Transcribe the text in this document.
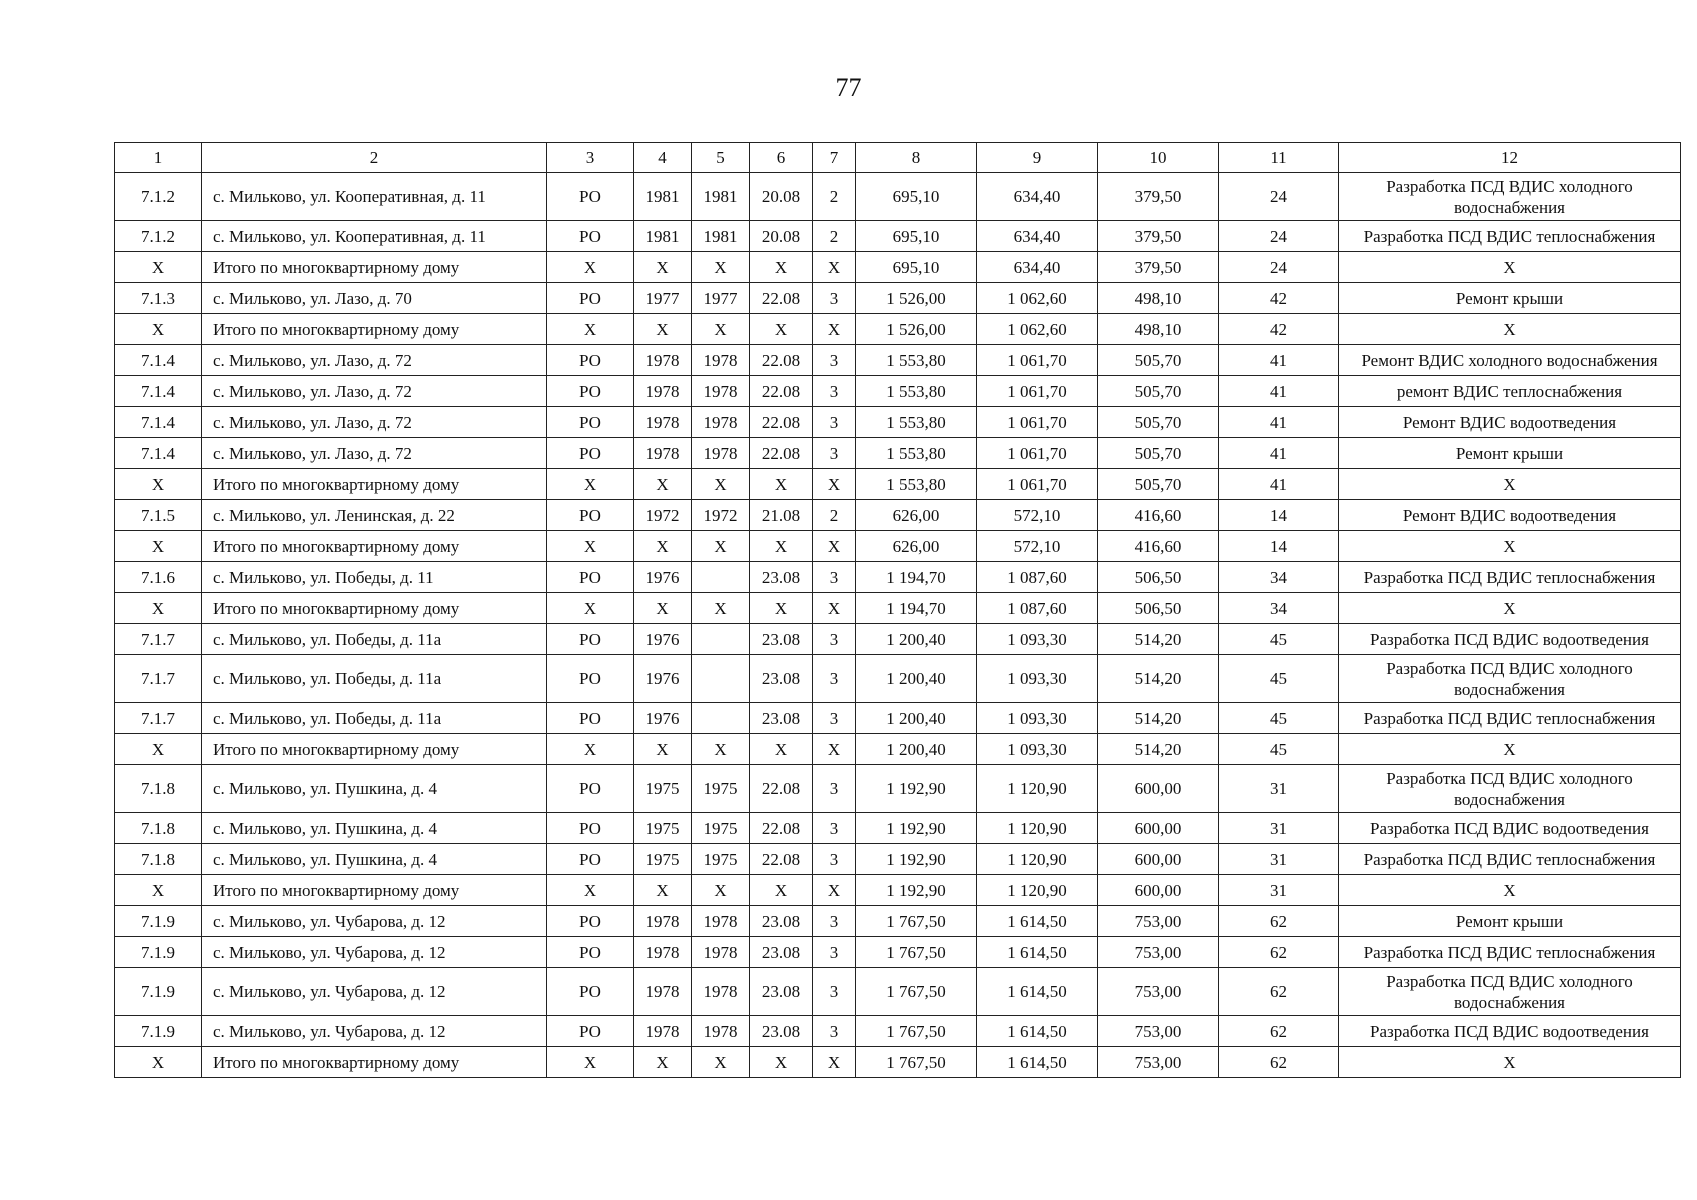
77
1	2	3	4	5	6	7	8	9	10	11	12
7.1.2	с. Мильково, ул. Кооперативная, д. 11	РО	1981	1981	20.08	2	695,10	634,40	379,50	24	Разработка ПСД ВДИС холодного водоснабжения
7.1.2	с. Мильково, ул. Кооперативная, д. 11	РО	1981	1981	20.08	2	695,10	634,40	379,50	24	Разработка ПСД ВДИС теплоснабжения
X	Итого по многоквартирному дому	X	X	X	X	X	695,10	634,40	379,50	24	X
7.1.3	с. Мильково, ул. Лазо, д. 70	РО	1977	1977	22.08	3	1 526,00	1 062,60	498,10	42	Ремонт крыши
X	Итого по многоквартирному дому	X	X	X	X	X	1 526,00	1 062,60	498,10	42	X
7.1.4	с. Мильково, ул. Лазо, д. 72	РО	1978	1978	22.08	3	1 553,80	1 061,70	505,70	41	Ремонт ВДИС холодного водоснабжения
7.1.4	с. Мильково, ул. Лазо, д. 72	РО	1978	1978	22.08	3	1 553,80	1 061,70	505,70	41	ремонт ВДИС теплоснабжения
7.1.4	с. Мильково, ул. Лазо, д. 72	РО	1978	1978	22.08	3	1 553,80	1 061,70	505,70	41	Ремонт ВДИС водоотведения
7.1.4	с. Мильково, ул. Лазо, д. 72	РО	1978	1978	22.08	3	1 553,80	1 061,70	505,70	41	Ремонт крыши
X	Итого по многоквартирному дому	X	X	X	X	X	1 553,80	1 061,70	505,70	41	X
7.1.5	с. Мильково, ул. Ленинская, д. 22	РО	1972	1972	21.08	2	626,00	572,10	416,60	14	Ремонт ВДИС водоотведения
X	Итого по многоквартирному дому	X	X	X	X	X	626,00	572,10	416,60	14	X
7.1.6	с. Мильково, ул. Победы, д. 11	РО	1976		23.08	3	1 194,70	1 087,60	506,50	34	Разработка ПСД ВДИС теплоснабжения
X	Итого по многоквартирному дому	X	X	X	X	X	1 194,70	1 087,60	506,50	34	X
7.1.7	с. Мильково, ул. Победы, д. 11а	РО	1976		23.08	3	1 200,40	1 093,30	514,20	45	Разработка ПСД ВДИС водоотведения
7.1.7	с. Мильково, ул. Победы, д. 11а	РО	1976		23.08	3	1 200,40	1 093,30	514,20	45	Разработка ПСД ВДИС холодного водоснабжения
7.1.7	с. Мильково, ул. Победы, д. 11а	РО	1976		23.08	3	1 200,40	1 093,30	514,20	45	Разработка ПСД ВДИС теплоснабжения
X	Итого по многоквартирному дому	X	X	X	X	X	1 200,40	1 093,30	514,20	45	X
7.1.8	с. Мильково, ул. Пушкина, д. 4	РО	1975	1975	22.08	3	1 192,90	1 120,90	600,00	31	Разработка ПСД ВДИС холодного водоснабжения
7.1.8	с. Мильково, ул. Пушкина, д. 4	РО	1975	1975	22.08	3	1 192,90	1 120,90	600,00	31	Разработка ПСД ВДИС водоотведения
7.1.8	с. Мильково, ул. Пушкина, д. 4	РО	1975	1975	22.08	3	1 192,90	1 120,90	600,00	31	Разработка ПСД ВДИС теплоснабжения
X	Итого по многоквартирному дому	X	X	X	X	X	1 192,90	1 120,90	600,00	31	X
7.1.9	с. Мильково, ул. Чубарова, д. 12	РО	1978	1978	23.08	3	1 767,50	1 614,50	753,00	62	Ремонт крыши
7.1.9	с. Мильково, ул. Чубарова, д. 12	РО	1978	1978	23.08	3	1 767,50	1 614,50	753,00	62	Разработка ПСД ВДИС теплоснабжения
7.1.9	с. Мильково, ул. Чубарова, д. 12	РО	1978	1978	23.08	3	1 767,50	1 614,50	753,00	62	Разработка ПСД ВДИС холодного водоснабжения
7.1.9	с. Мильково, ул. Чубарова, д. 12	РО	1978	1978	23.08	3	1 767,50	1 614,50	753,00	62	Разработка ПСД ВДИС водоотведения
X	Итого по многоквартирному дому	X	X	X	X	X	1 767,50	1 614,50	753,00	62	X
